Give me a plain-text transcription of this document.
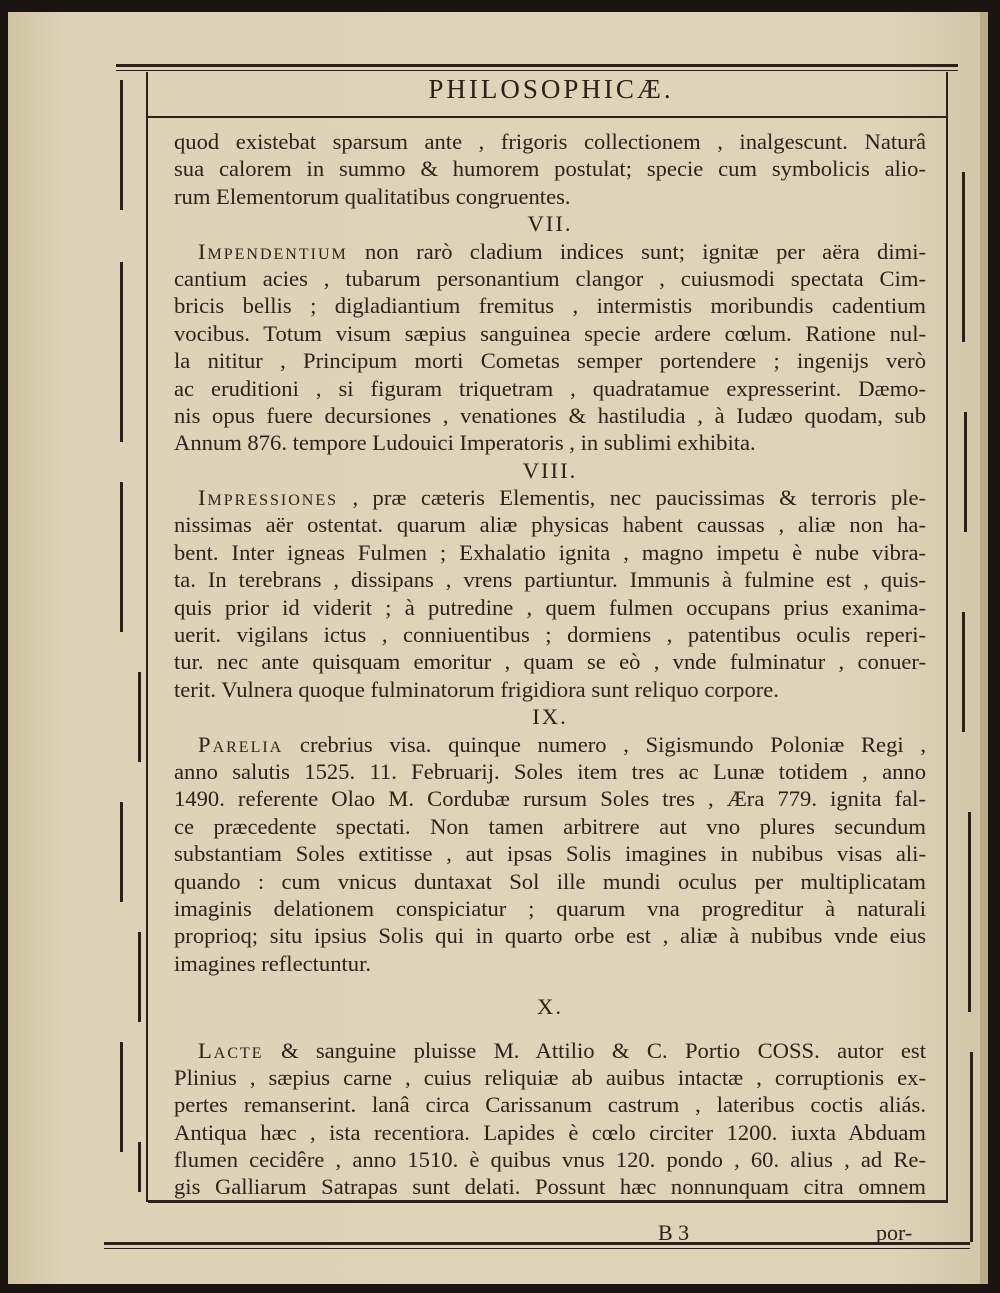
PHILOSOPHICÆ.
quod existebat sparsum ante , frigoris collectionem , inalgescunt. Naturâ
sua calorem in summo & humorem postulat; specie cum symbolicis alio-
rum Elementorum qualitatibus congruentes.
VII.
Impendentium non rarò cladium indices sunt; ignitæ per aëra dimi-
cantium acies , tubarum personantium clangor , cuiusmodi spectata Cim-
bricis bellis ; digladiantium fremitus , intermistis moribundis cadentium
vocibus. Totum visum sæpius sanguinea specie ardere cœlum. Ratione nul-
la nititur , Principum morti Cometas semper portendere ; ingenijs verò
ac eruditioni , si figuram triquetram , quadratamue expresserint. Dæmo-
nis opus fuere decursiones , venationes & hastiludia , à Iudæo quodam, sub
Annum 876. tempore Ludouici Imperatoris , in sublimi exhibita.
VIII.
Impressiones , præ cæteris Elementis, nec paucissimas & terroris ple-
nissimas aër ostentat. quarum aliæ physicas habent caussas , aliæ non ha-
bent. Inter igneas Fulmen ; Exhalatio ignita , magno impetu è nube vibra-
ta. In terebrans , dissipans , vrens partiuntur. Immunis à fulmine est , quis-
quis prior id viderit ; à putredine , quem fulmen occupans prius exanima-
uerit. vigilans ictus , conniuentibus ; dormiens , patentibus oculis reperi-
tur. nec ante quisquam emoritur , quam se eò , vnde fulminatur , conuer-
terit. Vulnera quoque fulminatorum frigidiora sunt reliquo corpore.
IX.
Parelia crebrius visa. quinque numero , Sigismundo Poloniæ Regi ,
anno salutis 1525. 11. Februarij. Soles item tres ac Lunæ totidem , anno
1490. referente Olao M. Cordubæ rursum Soles tres , Æra 779. ignita fal-
ce præcedente spectati. Non tamen arbitrere aut vno plures secundum
substantiam Soles extitisse , aut ipsas Solis imagines in nubibus visas ali-
quando : cum vnicus duntaxat Sol ille mundi oculus per multiplicatam
imaginis delationem conspiciatur ; quarum vna progreditur à naturali
proprioq; situ ipsius Solis qui in quarto orbe est , aliæ à nubibus vnde eius
imagines reflectuntur.
X.
Lacte & sanguine pluisse M. Attilio & C. Portio COSS. autor est
Plinius , sæpius carne , cuius reliquiæ ab auibus intactæ , corruptionis ex-
pertes remanserint. lanâ circa Carissanum castrum , lateribus coctis aliás.
Antiqua hæc , ista recentiora. Lapides è cœlo circiter 1200. iuxta Abduam
flumen cecidêre , anno 1510. è quibus vnus 120. pondo , 60. alius , ad Re-
gis Galliarum Satrapas sunt delati. Possunt hæc nonnunquam citra omnem
B 3	por-
